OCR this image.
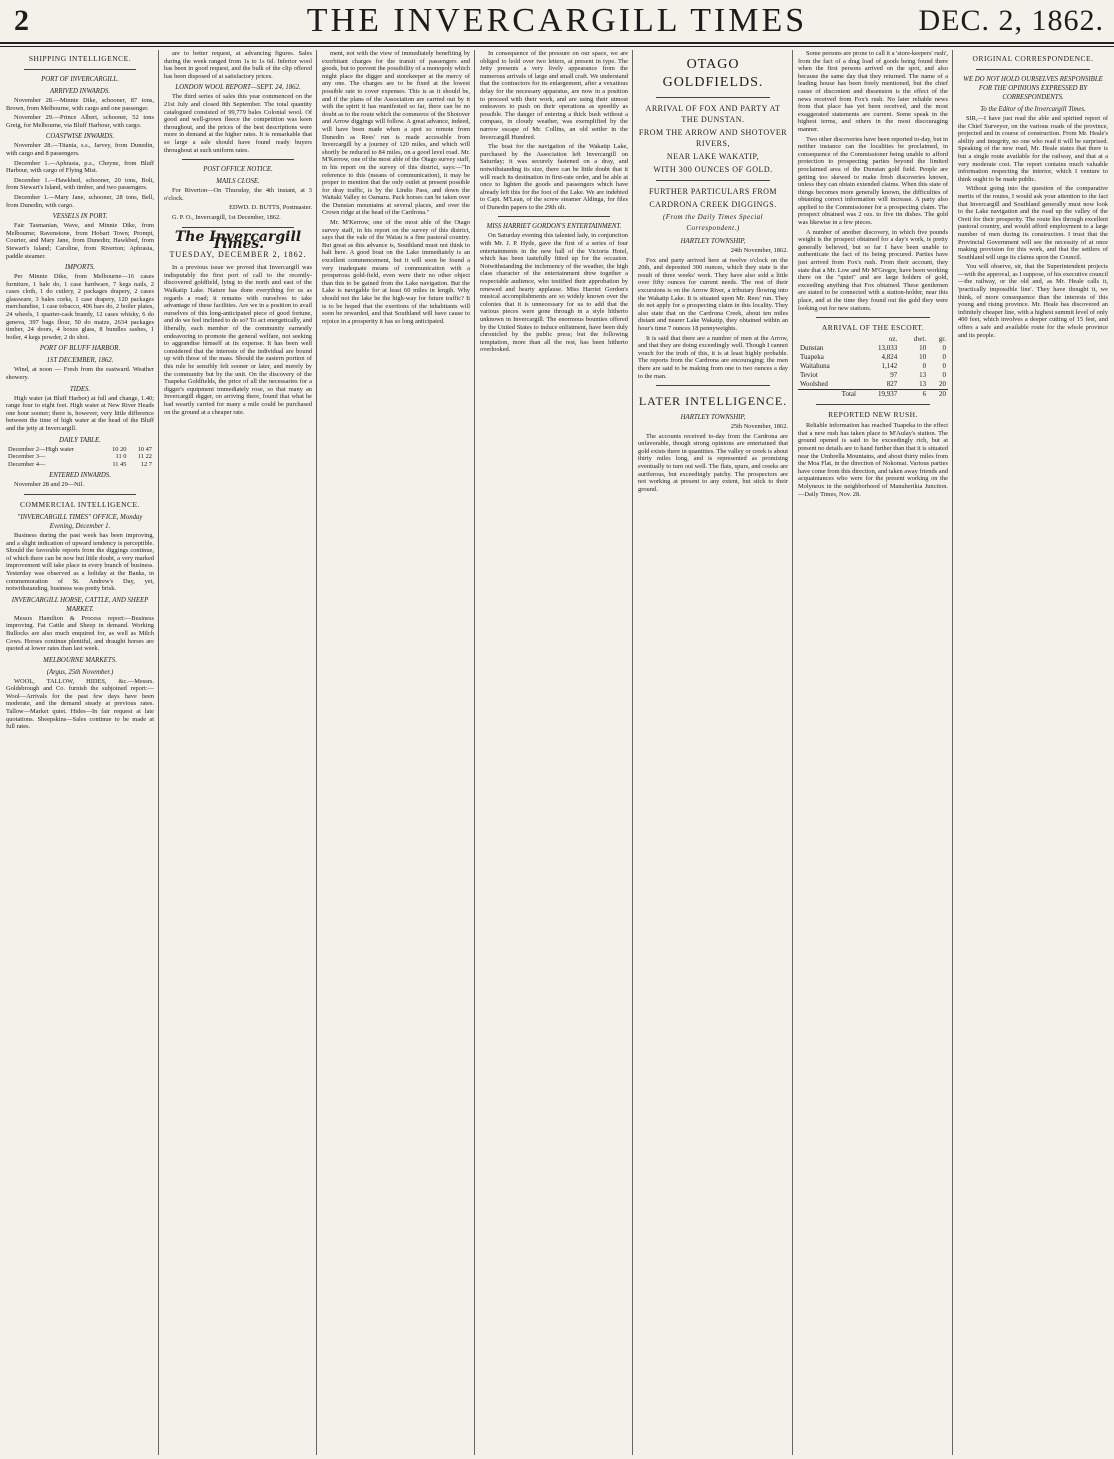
2	THE INVERCARGILL TIMES	DEC. 2, 1862.
SHIPPING INTELLIGENCE.
PORT OF INVERCARGILL.
ARRIVED INWARDS.

November 28.—Minnie Dike, schooner, 87 tons, Brown, from Melbourne, with cargo and one passenger.

November 29.—Prince Albert, schooner, 52 tons Greig, for Melbourne, via Bluff Harbour, with cargo.

COASTWISE INWARDS.

November 28.—Titania, s.s., Jarvey, from Dunedin, with cargo and 8 passengers.

December 1.—Aphrasia, p.s., Cheyne, from Bluff Harbour, with cargo of Flying Mist.

December 1.—Hawkbed, schooner, 20 tons, Bolt, from Stewart's Island, with timber, and two passengers.

December 1.—Mary Jane, schooner, 28 tons, Bell, from Dunedin, with cargo.

VESSELS IN PORT.

Fair Tasmanian, Wave, and Minnie Dike, from Melbourne; Ravenstone, from Hobart Town; Prompt, Courier, and Mary Jane, from Dunedin; Hawkbed, from Stewart's Island; Caroline, from Riverton; Aphrasia, paddle steamer.

IMPORTS.

Per Minnie Dike, from Melbourne—16 cases furniture, 1 bale do, 1 case hardware, 7 kegs nails, 2 cases cloth, 1 do cutlery, 2 packages drapery, 2 cases glassware, 3 bales corks, 1 case drapery, 120 packages merchandise, 1 case tobacco, 406 bars do, 2 boiler plates, 24 wheels, 1 quarter-cask brandy, 12 cases whisky, 6 do geneva, 397 bags flour, 50 do maize, 2634 packages timber, 24 doors, 4 boxes glass, 8 bundles sashes, 1 boiler, 4 kegs powder, 2 do shot.

PORT OF BLUFF HARBOR.
1ST DECEMBER, 1862.

Wind, at noon — Fresh from the eastward. Weather showery.

TIDES.

High water (at Bluff Harbor) at full and change, 1.40; range four to eight feet. High water at New River Heads one hour sooner; there is, however, very little difference between the time of high water at the head of the Bluff and the jetty at Invercargill.

DAILY TABLE.
December 2—High water	10 20	10 47
December 3—	11 0	11 22
December 4—	11 45	12 7
ENTERED INWARDS.

November 28 and 29—Nil.

COMMERCIAL INTELLIGENCE.
"INVERCARGILL TIMES" OFFICE, Monday Evening, December 1.

Business during the past week has been improving, and a slight indication of upward tendency is perceptible. Should the favorable reports from the diggings continue, of which there can be now but little doubt, a very marked improvement will take place in every branch of business. Yesterday was observed as a holiday at the Banks, in commemoration of St. Andrew's Day, yet, notwithstanding, business was pretty brisk.

INVERCARGILL HORSE, CATTLE, AND SHEEP MARKET.

Messrs Hamilton & Process report:—Business improving. Fat Cattle and Sheep in demand. Working Bullocks are also much enquired for, as well as Milch Cows. Horses continue plentiful, and draught horses are quoted at lower rates than last week.

MELBOURNE MARKETS.
(Argus, 25th November.)

WOOL, TALLOW, HIDES, &c.—Messrs. Goldsbrough and Co. furnish the subjoined report:—Wool—Arrivals for the past few days have been moderate, and the demand steady at previous rates. Tallow—Market quiet. Hides—In fair request at late quotations. Sheepskins—Sales continue to be made at full rates.

are to better request, at advancing figures. Sales during the week ranged from 1s to 1s 6d. Inferior wool has been in good request, and the bulk of the clip offered has been disposed of at satisfactory prices.

LONDON WOOL REPORT—SEPT. 24, 1862.

The third series of sales this year commenced on the 21st July and closed 8th September. The total quantity catalogued consisted of 99,779 bales Colonial wool. Of good and well-grown fleece the competition was keen throughout, and the prices of the best descriptions were more in demand at the higher rates. It is remarkable that so large a sale should have found ready buyers throughout at such uniform rates.

POST OFFICE NOTICE.
MAILS CLOSE.

For Riverton—On Thursday, the 4th instant, at 3 o'clock.

EDWD. D. BUTTS, Postmaster.

G. P. O., Invercargill, 1st December, 1862.

The Invercargill Times.
TUESDAY, DECEMBER 2, 1862.

In a previous issue we proved that Invercargill was indisputably the first port of call to the recently-discovered goldfield, lying to the north and east of the Waikatip Lake. Nature has done everything for us as regards a road; it remains with ourselves to take advantage of these facilities. Are we in a position to avail ourselves of this long-anticipated piece of good fortune, and do we feel inclined to do so? To act energetically, and liberally, each member of the community earnestly endeavoring to promote the general welfare, not seeking to aggrandise himself at its expense. It has been well considered that the interests of the individual are bound up with those of the mass. Should the eastern portion of this rule be sensibly felt sooner or later, and merely by the community but by the unit. On the discovery of the Tuapeka Goldfields, the price of all the necessaries for a digger's equipment immediately rose, so that many an Invercargill digger, on arriving there, found that what he had wearily carried for many a mile could be purchased on the ground at a cheaper rate.

ment, not with the view of immediately benefiting by exorbitant charges for the transit of passengers and goods, but to prevent the possibility of a monopoly which might place the digger and storekeeper at the mercy of any one. The charges are to be fixed at the lowest possible rate to cover expenses. This is as it should be, and if the plans of the Association are carried out by it with the spirit it has manifested so far, there can be no doubt as to the route which the commerce of the Shotover and Arrow diggings will follow. A great advance, indeed, will have been made when a spot so remote from Dunedin as Rees' run is made accessible from Invercargill by a journey of 120 miles, and which will shortly be reduced to 84 miles, on a good level road. Mr. M'Kerrow, one of the most able of the Otago survey staff, in his report on the survey of this district, says:—"In reference to this (means of communication), it may be proper to mention that the only outlet at present possible for dray traffic, is by the Lindis Pass, and down the Waitaki Valley to Oamaru. Pack horses can be taken over the Dunstan mountains at several places, and over the Crown ridge at the head of the Cardrona."

Mr. M'Kerrow, one of the most able of the Otago survey staff, in his report on the survey of this district, says that the vale of the Waiau is a fine pastoral country. But great as this advance is, Southland must not think to halt here. A good boat on the Lake immediately is an excellent commencement, but it will soon be found a very inadequate means of communication with a prosperous gold-field, even were their no other object than this to be gained from the Lake navigation. But the Lake is navigable for at least 60 miles in length. Why should not the lake be the high-way for future traffic? It is to be hoped that the exertions of the inhabitants will soon be rewarded, and that Southland will have cause to rejoice in a prosperity it has so long anticipated.

In consequence of the pressure on our space, we are obliged to hold over two letters, at present in type. The Jetty presents a very lively appearance from the numerous arrivals of large and small craft. We understand that the contractors for its enlargement, after a vexatious delay for the necessary apparatus, are now in a position to proceed with their work, and are using their utmost endeavors to push on their operations as speedily as possible. The danger of entering a thick bush without a compass, in cloudy weather, was exemplified by the narrow escape of Mr. Collins, an old settler in the Invercargill Hundred.

The boat for the navigation of the Wakatip Lake, purchased by the Association left Invercargill on Saturday; it was securely fastened on a dray, and notwithstanding its size, there can be little doubt that it will reach its destination in first-rate order, and be able at once to lighten the goods and passengers which have already left this for the foot of the Lake. We are indebted to Capt. M'Lean, of the screw steamer Aldinga, for files of Dunedin papers to the 29th ult.

MISS HARRIET GORDON'S ENTERTAINMENT.

On Saturday evening this talented lady, in conjunction with Mr. J. P. Hyde, gave the first of a series of four entertainments in the new hall of the Victoria Hotel, which has been tastefully fitted up for the occasion. Notwithstanding the inclemency of the weather, the high class character of the entertainment drew together a respectable audience, who testified their approbation by renewed and hearty applause. Miss Harriet Gordon's musical accomplishments are so widely known over the colonies that it is unnecessary for us to add that the various pieces were gone through in a style hitherto unknown in Invercargill. The enormous bounties offered by the United States to induce enlistment, have been duly chronicled by the public press; but the following temptation, more than all the rest, has been hitherto overlooked.

OTAGO GOLDFIELDS.
ARRIVAL OF FOX AND PARTY AT THE DUNSTAN.
FROM THE ARROW AND SHOTOVER RIVERS,
NEAR LAKE WAKATIP,
WITH 300 OUNCES OF GOLD.
FURTHER PARTICULARS FROM
CARDRONA CREEK DIGGINGS.
(From the Daily Times Special Correspondent.)
HARTLEY TOWNSHIP,

24th November, 1862.

Fox and party arrived here at twelve o'clock on the 20th, and deposited 300 ounces, which they state is the result of three weeks' work. They have also sold a little over fifty ounces for current needs. The rest of their excursions is on the Arrow River, a tributary flowing into the Wakatip Lake. It is situated upon Mr. Rees' run. They do not apply for a prospecting claim in this locality. They also state that on the Cardrona Creek, about ten miles distant and nearer Lake Wakatip, they obtained within an hour's time 7 ounces 18 pennyweights.

It is said that there are a number of men at the Arrow, and that they are doing exceedingly well. Though I cannot vouch for the truth of this, it is at least highly probable. The reports from the Cardrona are encouraging; the men there are said to be making from one to two ounces a day to the man.

LATER INTELLIGENCE.
HARTLEY TOWNSHIP,

25th November, 1862.

The accounts received to-day from the Cardrona are unfavorable, though strong opinions are entertained that gold exists there in quantities. The valley or creek is about thirty miles long, and is represented as promising eventually to turn out well. The flats, spurs, and creeks are auriferous, but exceedingly patchy. The prospectors are not working at present to any extent, but stick to their ground.

Some persons are prone to call it a 'store-keepers' rush', from the fact of a drag load of goods being found there when the first persons arrived on the spot, and also because the same day that they returned. The name of a leading house has been freely mentioned, but the chief cause of discontent and dissension is the effect of the news received from Fox's rush. No later reliable news from that place has yet been received, and the most exaggerated statements are current. Some speak in the highest terms, and others in the most discouraging manner.

Two other discoveries have been reported to-day, but in neither instance can the localities be proclaimed, in consequence of the Commissioner being unable to afford protection to prospecting parties beyond the limited proclaimed area of the Dunstan gold field. People are getting too skewed to make fresh discoveries known, unless they can obtain extended claims. When this state of things becomes more generally known, the difficulties of obtaining correct information will increase. A party also applied to the Commissioner for a prospecting claim. The prospect obtained was 2 ozs. to five tin dishes. The gold was likewise in a few pieces.

A number of another discovery, in which five pounds weight is the prospect obtained for a day's work, is pretty generally believed, but so far I have been unable to authenticate the fact of its being procured. Parties have just arrived from Fox's rush. From their account, they state that a Mr. Low and Mr M'Gregor, have been working there on the "quiet" and are large holders of gold, exceeding anything that Fox obtained. These gentlemen are stated to be connected with a station-holder, near this place, and at the time they found out the gold they were looking out for new stations.

ARRIVAL OF THE ESCORT.
	oz.	dwt.	gr.
Dunstan	13,033	10	0
Tuapeka	4,824	10	0
Waitahuna	1,142	0	0
Teviot	97	13	0
Woolshed	827	13	20
Total	19,937	6	20
REPORTED NEW RUSH.

Reliable information has reached Tuapeka to the effect that a new rush has taken place to M'Aulay's station. The ground opened is said to be exceedingly rich, but at present no details are to hand further than that it is situated near the Umbrella Mountains, and about thirty miles from the Moa Flat, in the direction of Nokomai. Various parties have come from this direction, and taken away friends and acquaintances who were for the present working on the Molyneux in the neighborhood of Manuherikia Junction.—Daily Times, Nov. 28.

ORIGINAL CORRESPONDENCE.
WE DO NOT HOLD OURSELVES RESPONSIBLE FOR THE OPINIONS EXPRESSED BY CORRESPONDENTS.
To the Editor of the Invercargill Times.

SIR,—I have just read the able and spirited report of the Chief Surveyor, on the various roads of the province, projected and in course of construction. From Mr. Heale's ability and integrity, no one who read it will be surprised. Speaking of the new road, Mr. Heale states that there is but a single route available for the railway, and that at a very moderate cost. The report contains much valuable information respecting the interior, which I venture to think ought to be made public.

Without going into the question of the comparative merits of the routes, I would ask your attention to the fact that Invercargill and Southland generally must now look to the Lake navigation and the road up the valley of the Oreti for their prosperity. The route lies through excellent pastoral country, and would afford employment to a large number of men during its construction. I trust that the Provincial Government will see the necessity of at once making provision for this work, and that the settlers of Southland will urge its claims upon the Council.

You will observe, sir, that the Superintendent projects—with the approval, as I suppose, of his executive council—the railway, or the old and, as Mr. Heale calls it, 'practically impossible line'. They have thought it, we think, of more consequence than the interests of this young and rising province. Mr. Heale has discovered an infinitely cheaper line, with a highest summit level of only 400 feet, which involves a deeper cutting of 15 feet, and offers a safe and available route for the whole province and its people.
